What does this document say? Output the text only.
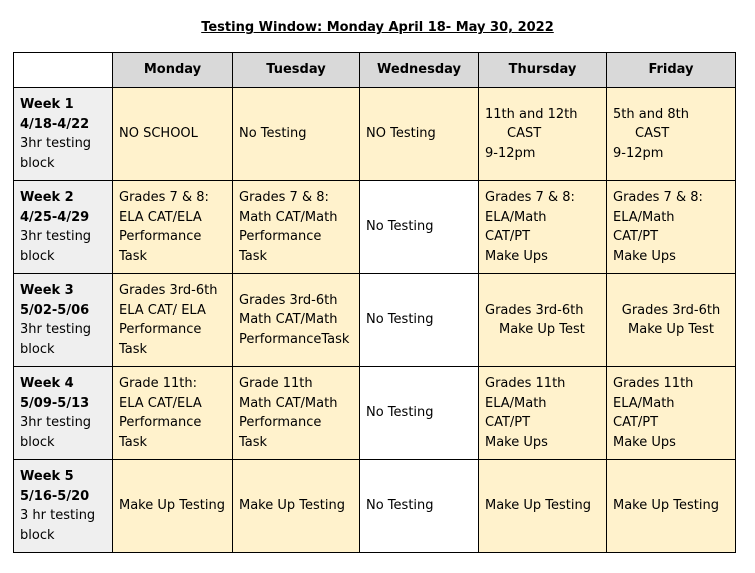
Testing Window: Monday April 18- May 30, 2022
	Monday	Tuesday	Wednesday	Thursday	Friday

Week 1
4/18-4/22
3hr testing
block	NO SCHOOL	No Testing	NO Testing	11th and 12th
CAST
9-12pm	5th and 8th
CAST
9-12pm

Week 2
4/25-4/29
3hr testing
block	Grades 7 & 8:
ELA CAT/ELA
Performance
Task	Grades 7 & 8:
Math CAT/Math
Performance
Task	No Testing	Grades 7 & 8:
ELA/Math
CAT/PT
Make Ups	Grades 7 & 8:
ELA/Math
CAT/PT
Make Ups

Week 3
5/02-5/06
3hr testing
block	Grades 3rd-6th
ELA CAT/ ELA
Performance
Task	Grades 3rd-6th
Math CAT/Math
PerformanceTask	No Testing	Grades 3rd-6th
Make Up Test	Grades 3rd-6th
Make Up Test

Week 4
5/09-5/13
3hr testing
block	Grade 11th:
ELA CAT/ELA
Performance
Task	Grade 11th
Math CAT/Math
Performance
Task	No Testing	Grades 11th
ELA/Math
CAT/PT
Make Ups	Grades 11th
ELA/Math
CAT/PT
Make Ups

Week 5
5/16-5/20
3 hr testing
block	Make Up Testing	Make Up Testing	No Testing	Make Up Testing	Make Up Testing
